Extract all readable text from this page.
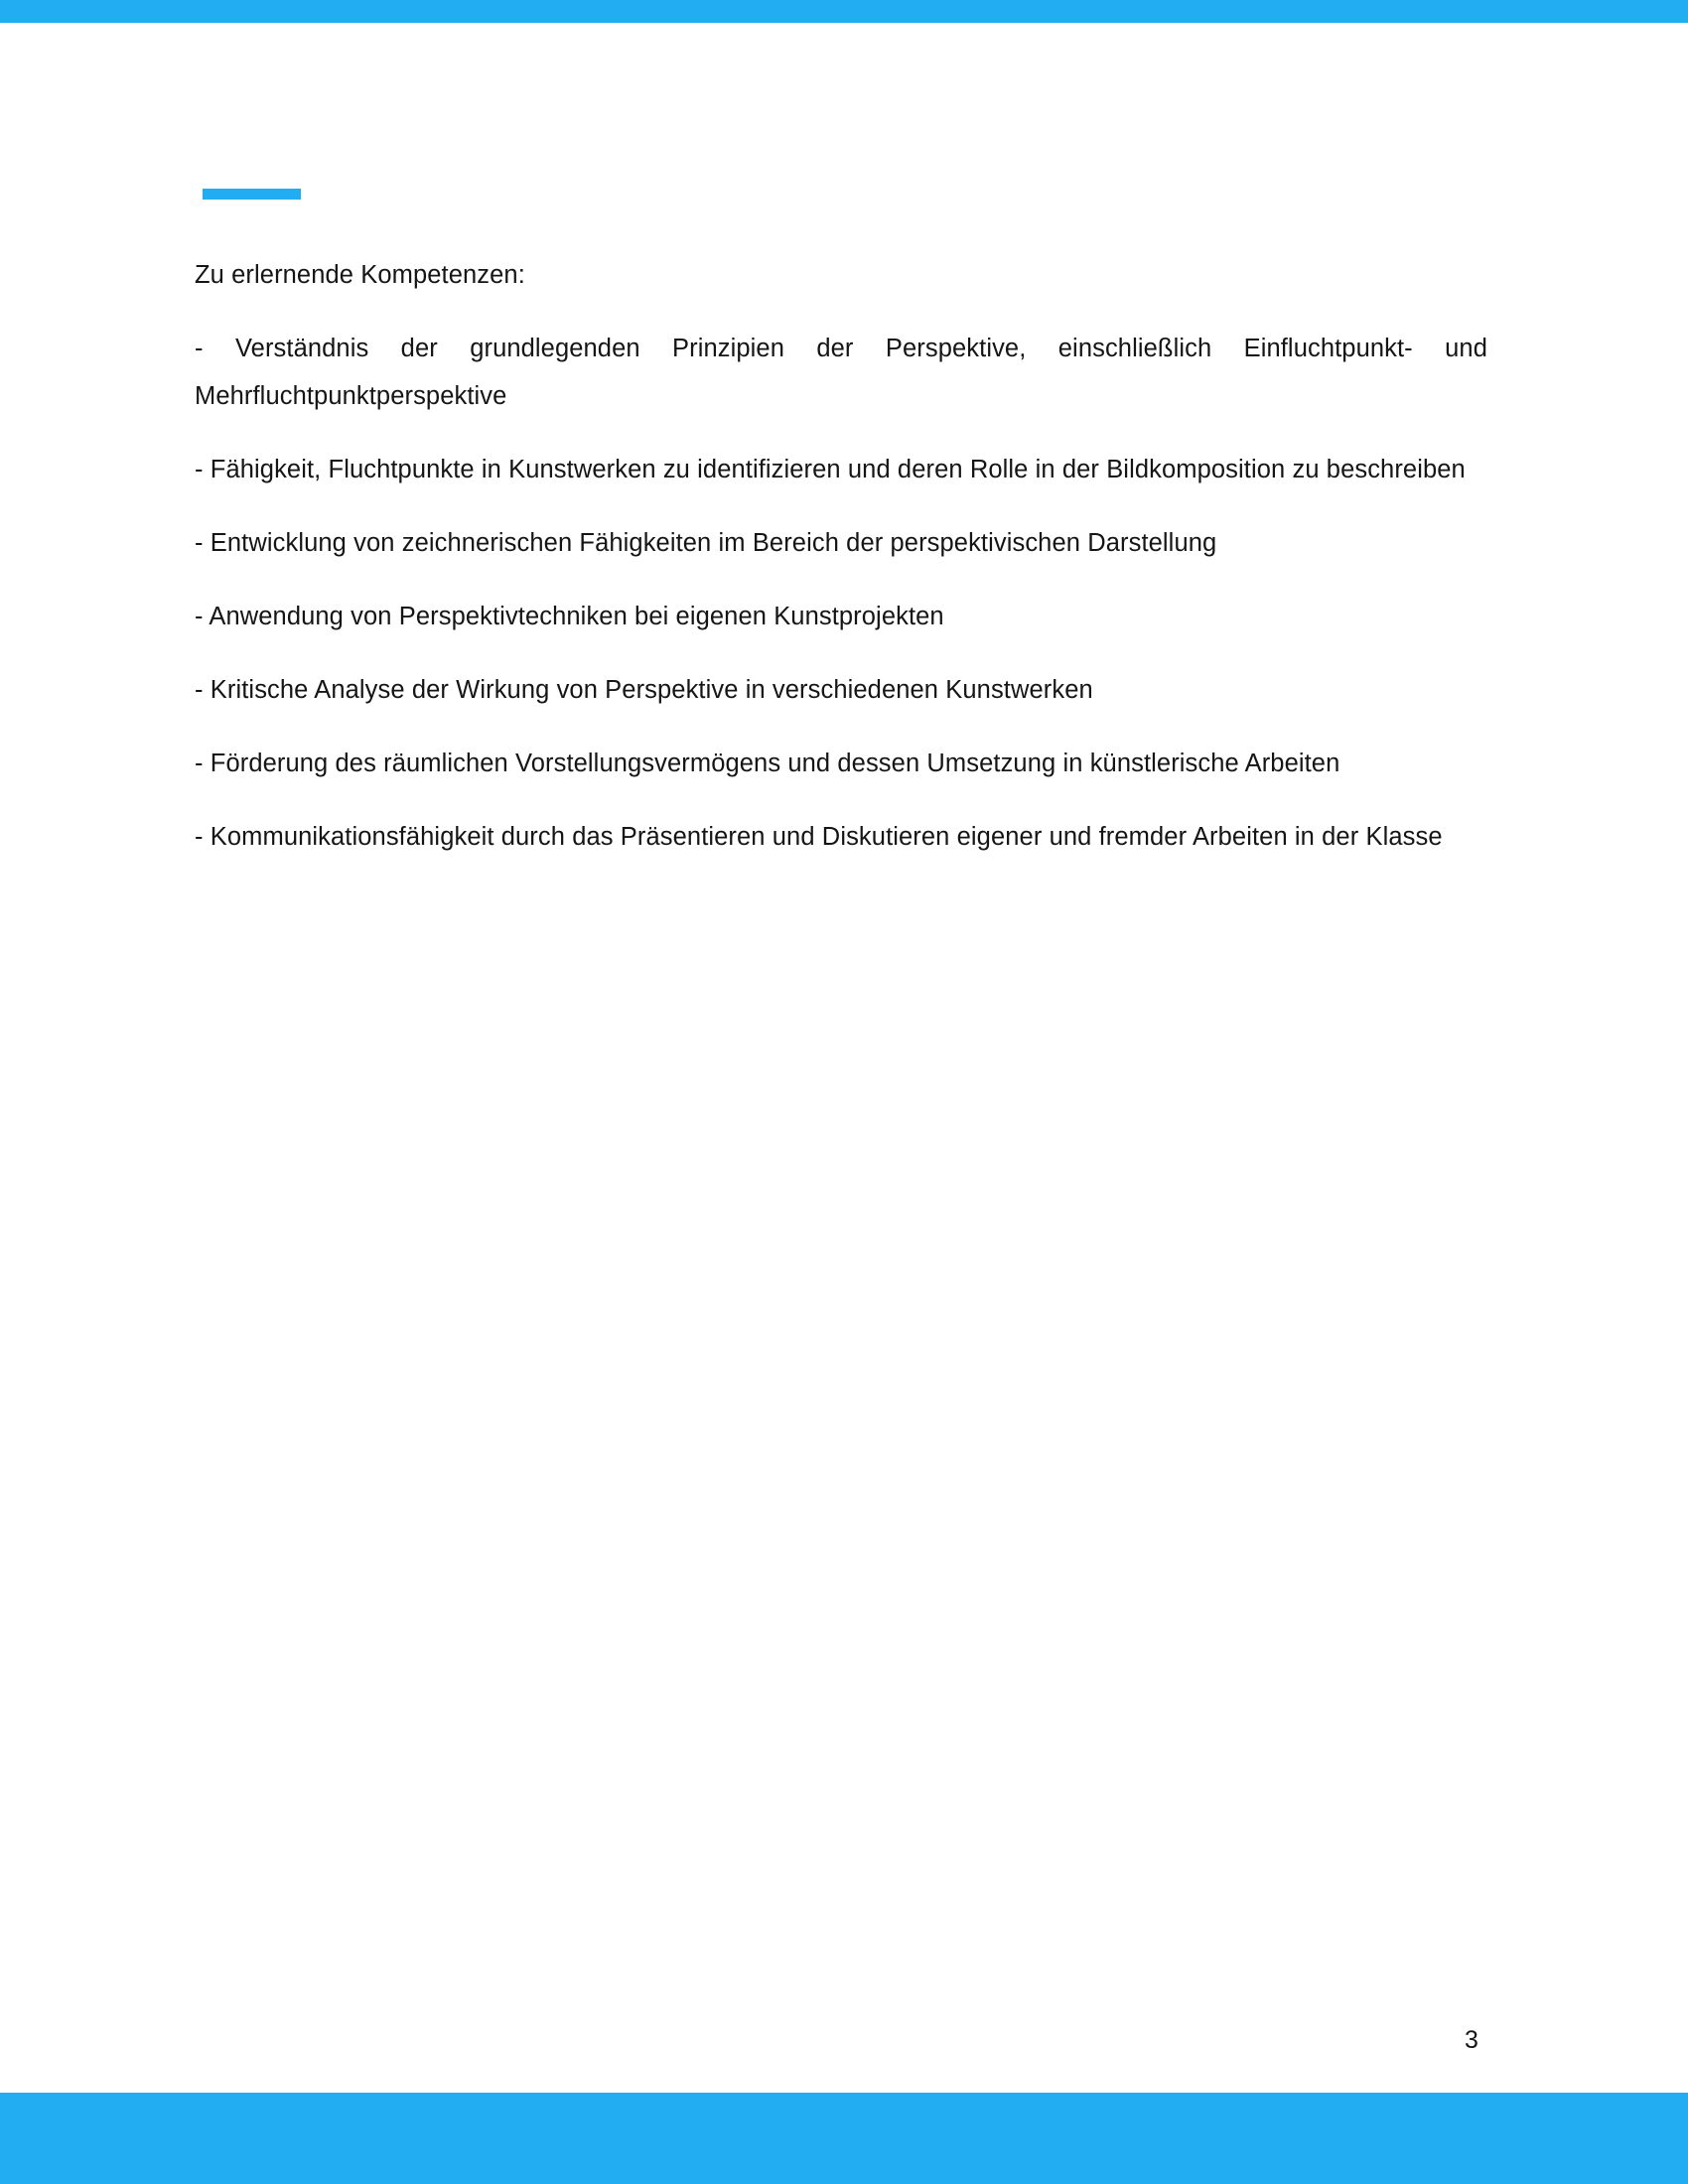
Zu erlernende Kompetenzen:

- Verständnis der grundlegenden Prinzipien der Perspektive, einschließlich Einfluchtpunkt- und Mehrfluchtpunktperspektive

- Fähigkeit, Fluchtpunkte in Kunstwerken zu identifizieren und deren Rolle in der Bildkomposition zu beschreiben

- Entwicklung von zeichnerischen Fähigkeiten im Bereich der perspektivischen Darstellung

- Anwendung von Perspektivtechniken bei eigenen Kunstprojekten

- Kritische Analyse der Wirkung von Perspektive in verschiedenen Kunstwerken

- Förderung des räumlichen Vorstellungsvermögens und dessen Umsetzung in künstlerische Arbeiten

- Kommunikationsfähigkeit durch das Präsentieren und Diskutieren eigener und fremder Arbeiten in der Klasse

3
